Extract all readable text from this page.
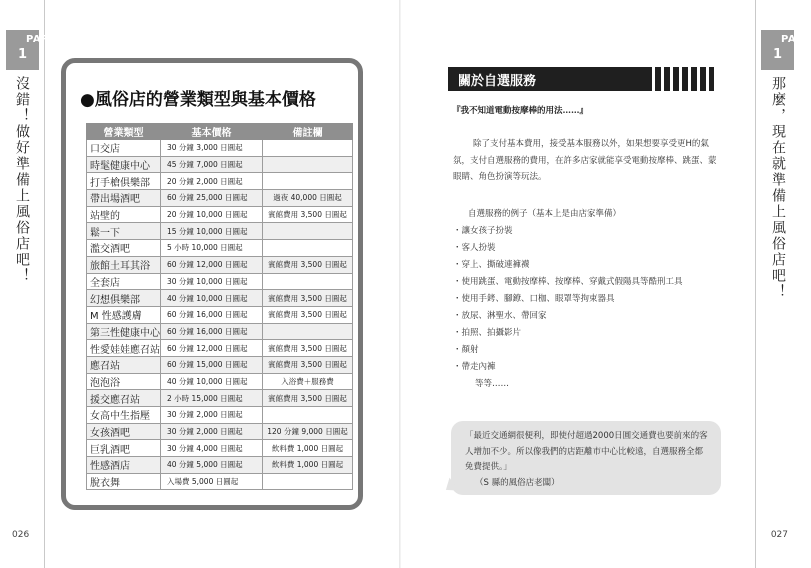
PART
1
沒錯！做好準備上風俗店吧！
026
●風俗店的營業類型與基本價格
營業類型	基本價格	備註欄
口交店	30 分鐘 3,000 日圓起	
時髦健康中心	45 分鐘 7,000 日圓起	
打手槍俱樂部	20 分鐘 2,000 日圓起	
帶出場酒吧	60 分鐘 25,000 日圓起	過夜 40,000 日圓起
站壁的	20 分鐘 10,000 日圓起	賓館費用 3,500 日圓起
鬆一下	15 分鐘 10,000 日圓起	
濫交酒吧	5 小時 10,000 日圓起	
旅館土耳其浴	60 分鐘 12,000 日圓起	賓館費用 3,500 日圓起
全套店	30 分鐘 10,000 日圓起	
幻想俱樂部	40 分鐘 10,000 日圓起	賓館費用 3,500 日圓起
M 性感護膚	60 分鐘 16,000 日圓起	賓館費用 3,500 日圓起
第三性健康中心	60 分鐘 16,000 日圓起	
性愛娃娃應召站	60 分鐘 12,000 日圓起	賓館費用 3,500 日圓起
應召站	60 分鐘 15,000 日圓起	賓館費用 3,500 日圓起
泡泡浴	40 分鐘 10,000 日圓起	入浴費＋服務費
援交應召站	2 小時 15,000 日圓起	賓館費用 3,500 日圓起
女高中生指壓	30 分鐘 2,000 日圓起	
女孩酒吧	30 分鐘 2,000 日圓起	120 分鐘 9,000 日圓起
巨乳酒吧	30 分鐘 4,000 日圓起	飲料費 1,000 日圓起
性感酒店	40 分鐘 5,000 日圓起	飲料費 1,000 日圓起
脫衣舞	入場費 5,000 日圓起	
PART
1
那麼，現在就準備上風俗店吧！
027
關於自選服務
『我不知道電動按摩棒的用法……』
除了支付基本費用，接受基本服務以外，如果想要享受更H的氣氛，支付自選服務的費用，在許多店家就能享受電動按摩棒、跳蛋、蒙眼睛、角色扮演等玩法。
自選服務的例子（基本上是由店家準備）
・讓女孩子扮裝
・客人扮裝
・穿上、撕破連褲襪
・使用跳蛋、電動按摩棒、按摩棒、穿戴式假陽具等酷刑工具
・使用手銬、腳鐐、口枷、眼罩等拘束器具
・放尿、淋聖水、帶回家
・拍照、拍攝影片
・顏射
・帶走內褲
等等……
「最近交通網很便利，即使付超過2000日圓交通費也要前來的客人增加不少。所以像我們的店距離市中心比較遠，自選服務全都免費提供。」
（S 縣的風俗店老闆）
